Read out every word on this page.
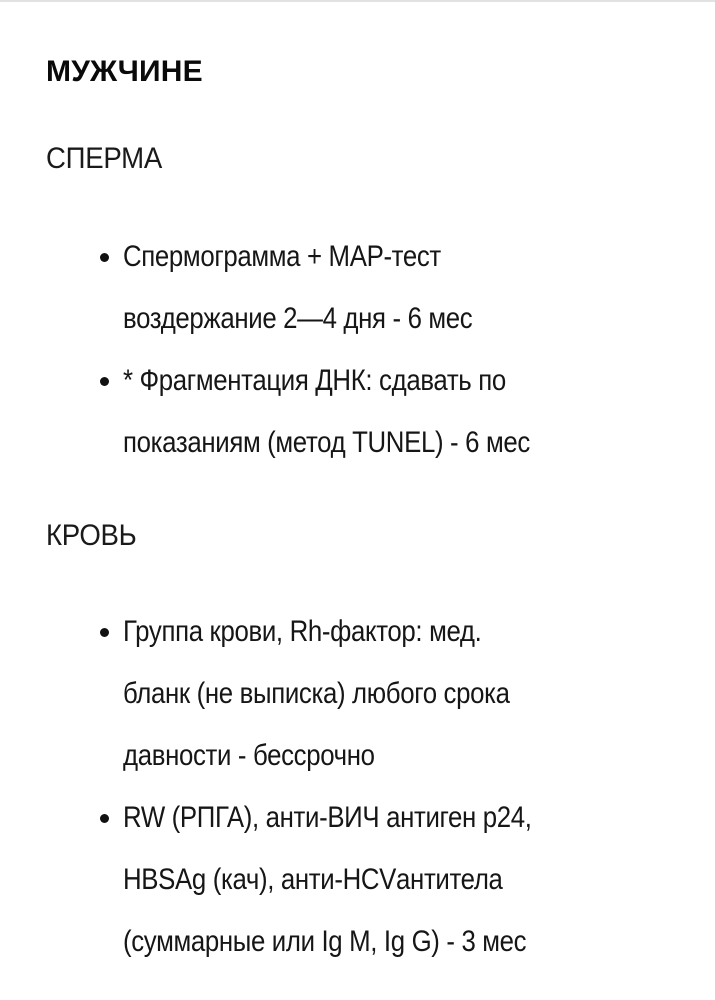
МУЖЧИНЕ
СПЕРМА
Спермограмма + MAP-тест
воздержание 2—4 дня - 6 мес
* Фрагментация ДНК: сдавать по
показаниям (метод TUNEL) - 6 мес
КРОВЬ
Группа крови, Rh-фактор: мед.
бланк (не выписка) любого срока
давности - бессрочно
RW (РПГА), анти-ВИЧ антиген p24,
HBSAg (кач), анти-HCVантитела
(суммарные или Ig M, Ig G) - 3 мес
